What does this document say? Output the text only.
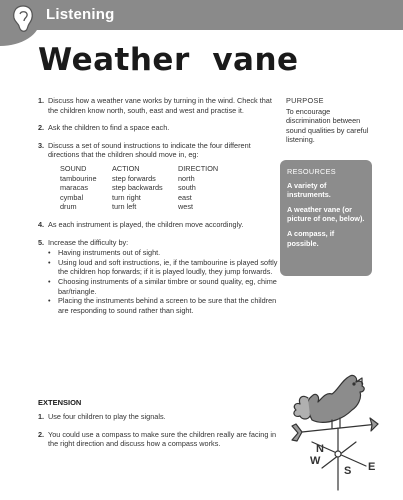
Listening
Weather  vane
1. Discuss how a weather vane works by turning in the wind. Check that the children know north, south, east and west and practise it.
2. Ask the children to find a space each.
3. Discuss a set of sound instructions to indicate the four different directions that the children should move in, eg:
SOUND	ACTION	DIRECTION
tambourine	step forwards	north
maracas	step backwards	south
cymbal	turn right	east
drum	turn left	west
4. As each instrument is played, the children move accordingly.
5. Increase the difficulty by:
•	Having instruments out of sight.
•	Using loud and soft instructions, ie, if the tambourine is played softly the children hop forwards; if it is played loudly, they jump forwards.
•	Choosing instruments of a similar timbre or sound quality, eg, chime bar/triangle.
•	Placing the instruments behind a screen to be sure that the children are responding to sound rather than sight.
EXTENSION
1. Use four children to play the signals.
2. You could use a compass to make sure the children really are facing in the right direction and discuss how a compass works.
PURPOSE
To encourage discrimination between sound qualities by careful listening.
RESOURCES
A variety of instruments.
A weather vane (or picture of one, below).
A compass, if possible.
W
N
S E
